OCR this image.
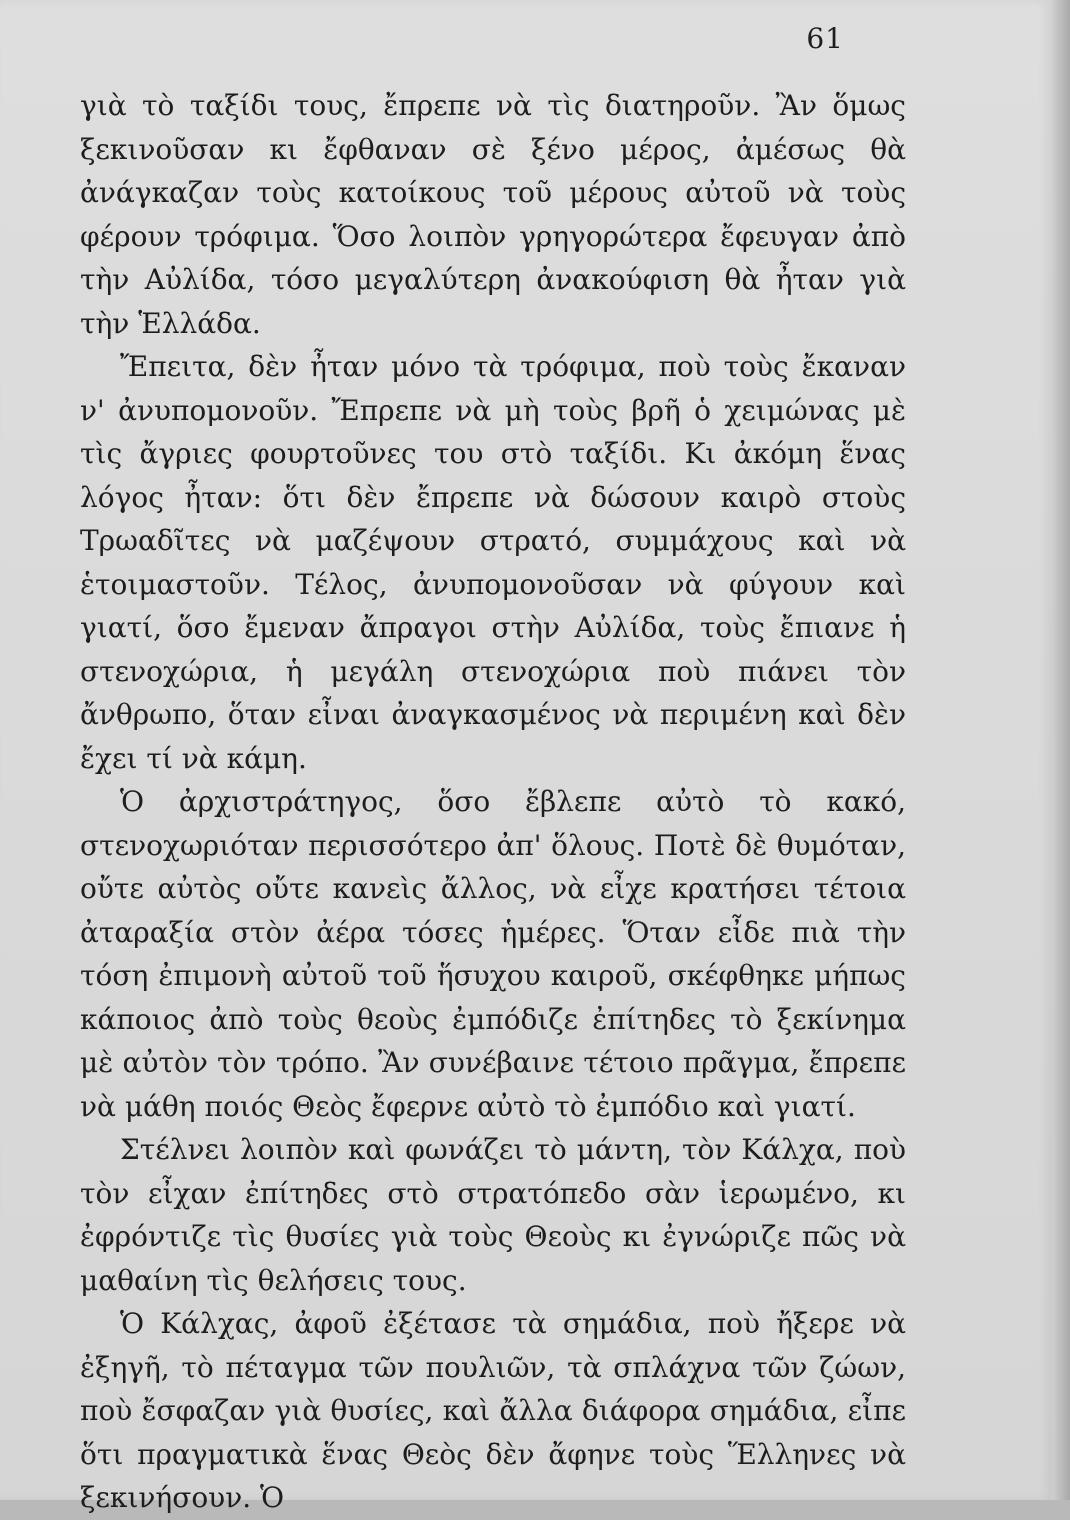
61

γιὰ τὸ ταξίδι τους, ἔπρεπε νὰ τὶς διατηροῦν. Ἂν ὅμως ξεκινοῦσαν κι ἔφθαναν σὲ ξένο μέρος, ἀμέσως θὰ ἀνάγκαζαν τοὺς κατοίκους τοῦ μέρους αὐτοῦ νὰ τοὺς φέρουν τρόφιμα. Ὅσο λοιπὸν γρηγορώτερα ἔφευγαν ἀπὸ τὴν Αὐλίδα, τόσο μεγαλύτερη ἀνακούφιση θὰ ἦταν γιὰ τὴν Ἑλλάδα.

Ἔπειτα, δὲν ἦταν μόνο τὰ τρόφιμα, ποὺ τοὺς ἔκαναν ν' ἀνυπομονοῦν. Ἔπρεπε νὰ μὴ τοὺς βρῆ ὁ χειμώνας μὲ τὶς ἄγριες φουρτοῦνες του στὸ ταξίδι. Κι ἀκόμη ἕνας λόγος ἦταν: ὅτι δὲν ἔπρεπε νὰ δώσουν καιρὸ στοὺς Τρωαδῖτες νὰ μαζέψουν στρατό, συμμάχους καὶ νὰ ἑτοιμαστοῦν. Τέλος, ἀνυπομονοῦσαν νὰ φύγουν καὶ γιατί, ὅσο ἔμεναν ἄπραγοι στὴν Αὐλίδα, τοὺς ἔπιανε ἡ στενοχώρια, ἡ μεγάλη στενοχώρια ποὺ πιάνει τὸν ἄνθρωπο, ὅταν εἶναι ἀναγκασμένος νὰ περιμένη καὶ δὲν ἔχει τί νὰ κάμη.

Ὁ ἀρχιστράτηγος, ὅσο ἔβλεπε αὐτὸ τὸ κακό, στενοχωριόταν περισσότερο ἀπ' ὅλους. Ποτὲ δὲ θυμόταν, οὔτε αὐτὸς οὔτε κανεὶς ἄλλος, νὰ εἶχε κρατήσει τέτοια ἀταραξία στὸν ἀέρα τόσες ἡμέρες. Ὅταν εἶδε πιὰ τὴν τόση ἐπιμονὴ αὐτοῦ τοῦ ἥσυχου καιροῦ, σκέφθηκε μήπως κάποιος ἀπὸ τοὺς θεοὺς ἐμπόδιζε ἐπίτηδες τὸ ξεκίνημα μὲ αὐτὸν τὸν τρόπο. Ἂν συνέβαινε τέτοιο πρᾶγμα, ἔπρεπε νὰ μάθη ποιός Θεὸς ἔφερνε αὐτὸ τὸ ἐμπόδιο καὶ γιατί.

Στέλνει λοιπὸν καὶ φωνάζει τὸ μάντη, τὸν Κάλχα, ποὺ τὸν εἶχαν ἐπίτηδες στὸ στρατόπεδο σὰν ἱερωμένο, κι ἐφρόντιζε τὶς θυσίες γιὰ τοὺς Θεοὺς κι ἐγνώριζε πῶς νὰ μαθαίνη τὶς θελήσεις τους.

Ὁ Κάλχας, ἀφοῦ ἐξέτασε τὰ σημάδια, ποὺ ἤξερε νὰ ἐξηγῆ, τὸ πέταγμα τῶν πουλιῶν, τὰ σπλάχνα τῶν ζώων, ποὺ ἔσφαζαν γιὰ θυσίες, καὶ ἄλλα διάφορα σημάδια, εἶπε ὅτι πραγματικὰ ἕνας Θεὸς δὲν ἄφηνε τοὺς Ἕλληνες νὰ ξεκινήσουν. Ὁ
